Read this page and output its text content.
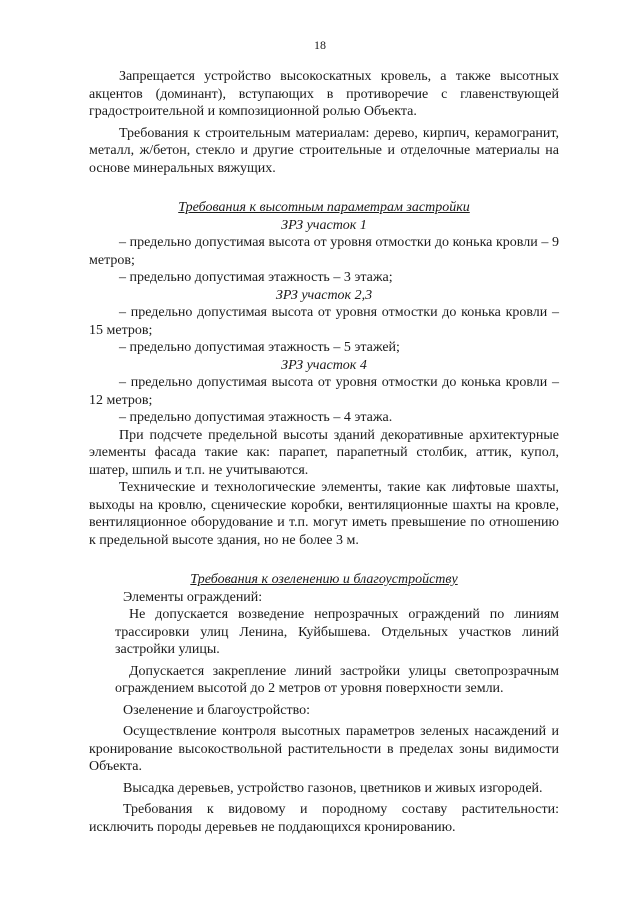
18

Запрещается устройство высокоскатных кровель, а также высотных акцентов (доминант), вступающих в противоречие с главенствующей градостроительной и композиционной ролью Объекта.

Требования к строительным материалам: дерево, кирпич, керамогранит, металл, ж/бетон, стекло и другие строительные и отделочные материалы на основе минеральных вяжущих.

Требования к высотным параметрам застройки

ЗРЗ участок 1

– предельно допустимая высота от уровня отмостки до конька кровли – 9 метров;

– предельно допустимая этажность – 3 этажа;

ЗРЗ участок 2,3

– предельно допустимая высота от уровня отмостки до конька кровли – 15 метров;

– предельно допустимая этажность – 5 этажей;

ЗРЗ участок 4

– предельно допустимая высота от уровня отмостки до конька кровли – 12 метров;

– предельно допустимая этажность – 4 этажа.

При подсчете предельной высоты зданий декоративные архитектурные элементы фасада такие как: парапет, парапетный столбик, аттик, купол, шатер, шпиль и т.п. не учитываются.

Технические и технологические элементы, такие как лифтовые шахты, выходы на кровлю, сценические коробки, вентиляционные шахты на кровле, вентиляционное оборудование и т.п. могут иметь превышение по отношению к предельной высоте здания, но не более 3 м.

Требования к озеленению и благоустройству

Элементы ограждений:

Не допускается возведение непрозрачных ограждений по линиям трассировки улиц Ленина, Куйбышева. Отдельных участков линий застройки улицы.

Допускается закрепление линий застройки улицы светопрозрачным ограждением высотой до 2 метров от уровня поверхности земли.

Озеленение и благоустройство:

Осуществление контроля высотных параметров зеленых насаждений и кронирование высокоствольной растительности в пределах зоны видимости Объекта.

Высадка деревьев, устройство газонов, цветников и живых изгородей.

Требования к видовому и породному составу растительности: исключить породы деревьев не поддающихся кронированию.
